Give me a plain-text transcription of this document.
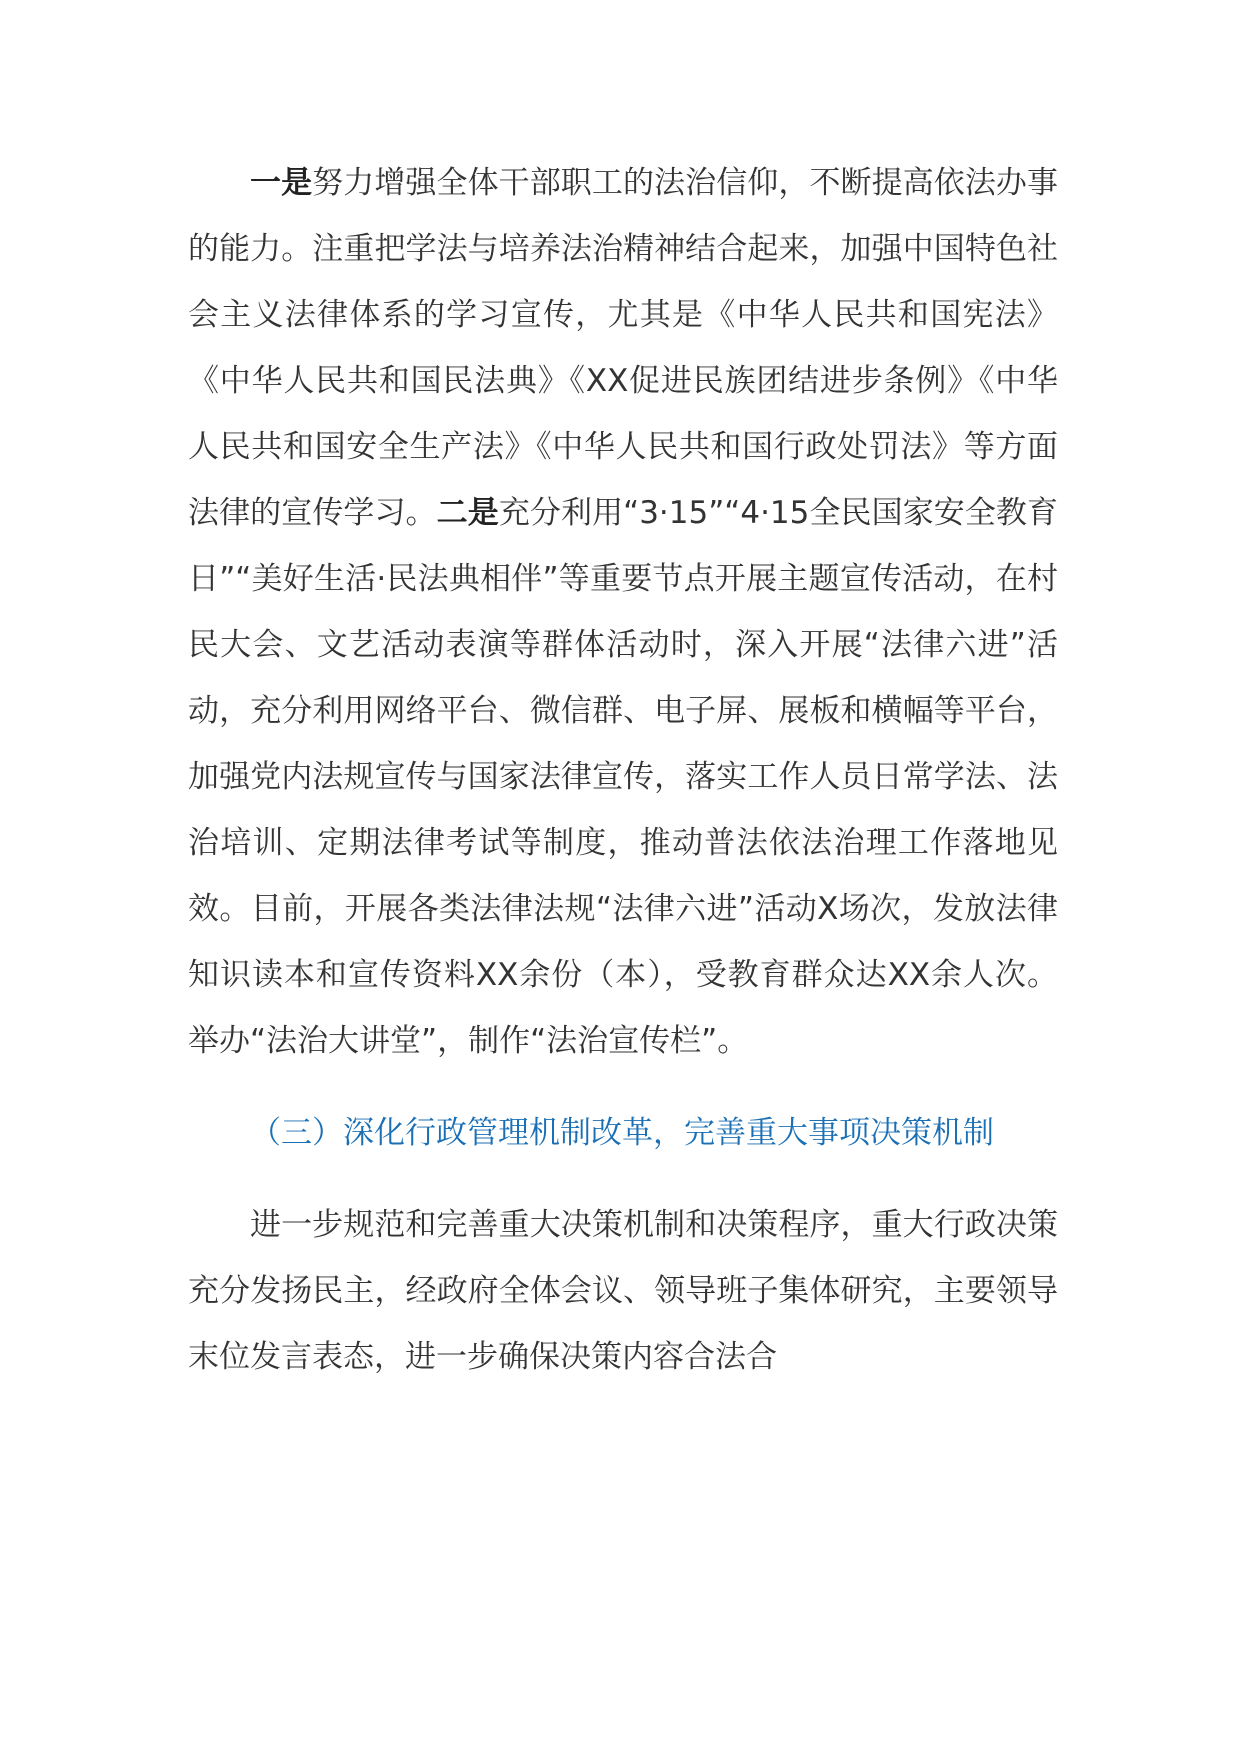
一是努力增强全体干部职工的法治信仰，不断提高依法办事的能力。注重把学法与培养法治精神结合起来，加强中国特色社会主义法律体系的学习宣传，尤其是《中华人民共和国宪法》《中华人民共和国民法典》《XX促进民族团结进步条例》《中华人民共和国安全生产法》《中华人民共和国行政处罚法》等方面法律的宣传学习。二是充分利用“3·15”“4·15全民国家安全教育日”“美好生活·民法典相伴”等重要节点开展主题宣传活动，在村民大会、文艺活动表演等群体活动时，深入开展“法律六进”活动，充分利用网络平台、微信群、电子屏、展板和横幅等平台，加强党内法规宣传与国家法律宣传，落实工作人员日常学法、法治培训、定期法律考试等制度，推动普法依法治理工作落地见效。目前，开展各类法律法规“法律六进”活动X场次，发放法律知识读本和宣传资料XX余份（本），受教育群众达XX余人次。举办“法治大讲堂”，制作“法治宣传栏”。

（三）深化行政管理机制改革，完善重大事项决策机制

进一步规范和完善重大决策机制和决策程序，重大行政决策充分发扬民主，经政府全体会议、领导班子集体研究，主要领导末位发言表态，进一步确保决策内容合法合
